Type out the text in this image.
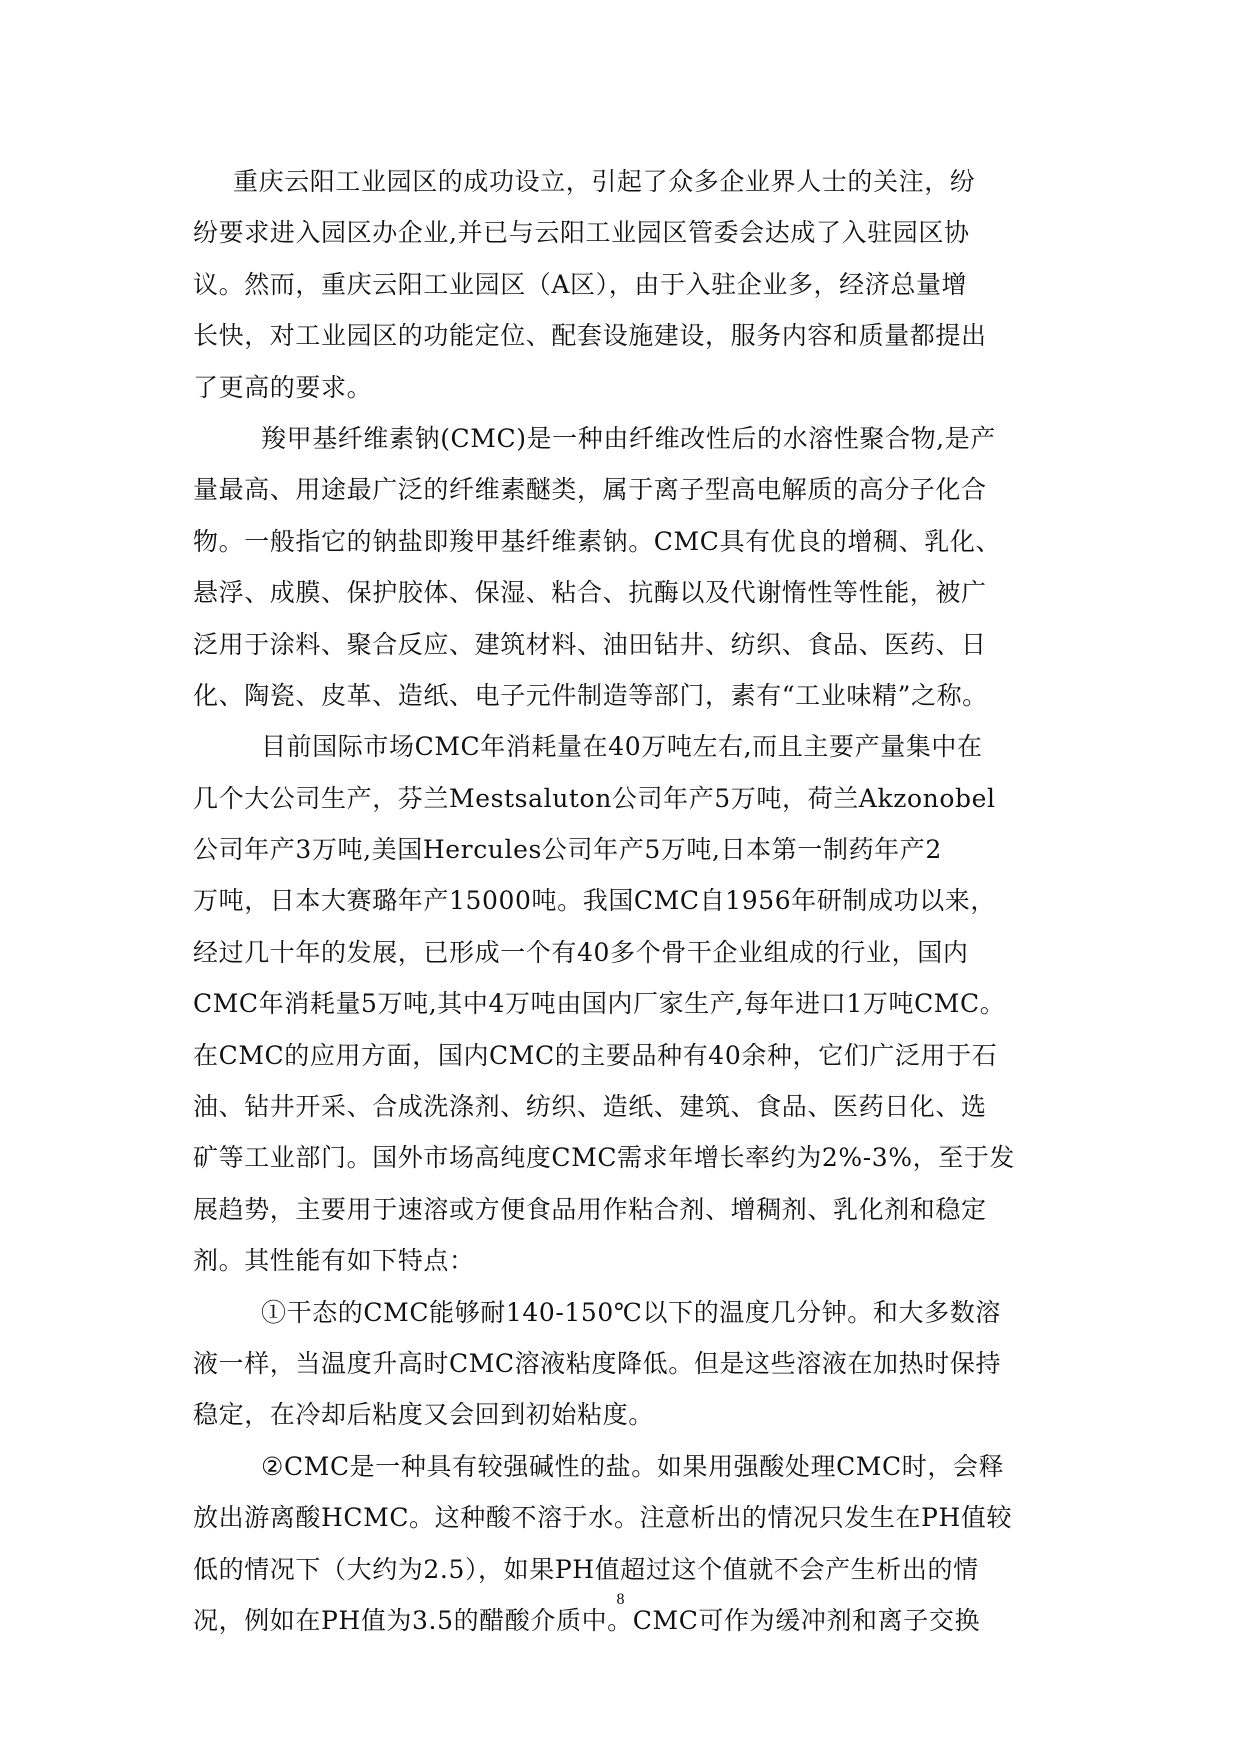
重庆云阳工业园区的成功设立，引起了众多企业界人士的关注，纷
纷要求进入园区办企业,并已与云阳工业园区管委会达成了入驻园区协
议。然而，重庆云阳工业园区（A区），由于入驻企业多，经济总量增
长快，对工业园区的功能定位、配套设施建设，服务内容和质量都提出
了更高的要求。
羧甲基纤维素钠(CMC)是一种由纤维改性后的水溶性聚合物,是产
量最高、用途最广泛的纤维素醚类，属于离子型高电解质的高分子化合
物。一般指它的钠盐即羧甲基纤维素钠。CMC具有优良的增稠、乳化、
悬浮、成膜、保护胶体、保湿、粘合、抗酶以及代谢惰性等性能，被广
泛用于涂料、聚合反应、建筑材料、油田钻井、纺织、食品、医药、日
化、陶瓷、皮革、造纸、电子元件制造等部门，素有“工业味精”之称。
目前国际市场CMC年消耗量在40万吨左右,而且主要产量集中在
几个大公司生产，芬兰Mestsaluton公司年产5万吨，荷兰Akzonobel
公司年产3万吨,美国Hercules公司年产5万吨,日本第一制药年产2
万吨，日本大赛璐年产15000吨。我国CMC自1956年研制成功以来，
经过几十年的发展，已形成一个有40多个骨干企业组成的行业，国内
CMC年消耗量5万吨,其中4万吨由国内厂家生产,每年进口1万吨CMC。
在CMC的应用方面，国内CMC的主要品种有40余种，它们广泛用于石
油、钻井开采、合成洗涤剂、纺织、造纸、建筑、食品、医药日化、选
矿等工业部门。国外市场高纯度CMC需求年增长率约为2%-3%，至于发
展趋势，主要用于速溶或方便食品用作粘合剂、增稠剂、乳化剂和稳定
剂。其性能有如下特点：
①干态的CMC能够耐140-150℃以下的温度几分钟。和大多数溶
液一样，当温度升高时CMC溶液粘度降低。但是这些溶液在加热时保持
稳定，在冷却后粘度又会回到初始粘度。
②CMC是一种具有较强碱性的盐。如果用强酸处理CMC时，会释
放出游离酸HCMC。这种酸不溶于水。注意析出的情况只发生在PH值较
低的情况下（大约为2.5），如果PH值超过这个值就不会产生析出的情
况，例如在PH值为3.5的醋酸介质中。CMC可作为缓冲剂和离子交换
8
